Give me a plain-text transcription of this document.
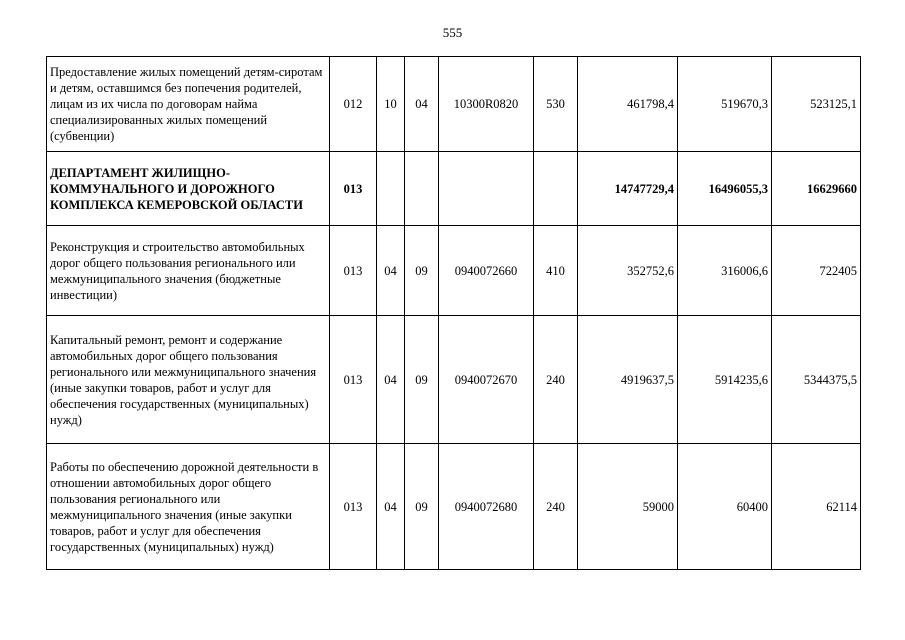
555
Предоставление жилых помещений детям-сиротам и детям, оставшимся без попечения родителей, лицам из их числа по договорам найма специализированных жилых помещений (субвенции)	012	10	04	10300R0820	530	461798,4	519670,3	523125,1
ДЕПАРТАМЕНТ ЖИЛИЩНО-КОММУНАЛЬНОГО И ДОРОЖНОГО КОМПЛЕКСА КЕМЕРОВСКОЙ ОБЛАСТИ	013					14747729,4	16496055,3	16629660
Реконструкция и строительство автомобильных дорог общего пользования регионального или межмуниципального значения (бюджетные инвестиции)	013	04	09	0940072660	410	352752,6	316006,6	722405
Капитальный ремонт, ремонт и содержание автомобильных дорог общего пользования регионального или межмуниципального значения (иные закупки товаров, работ и услуг для обеспечения государственных (муниципальных) нужд)	013	04	09	0940072670	240	4919637,5	5914235,6	5344375,5
Работы по обеспечению дорожной деятельности в отношении автомобильных дорог общего пользования регионального или межмуниципального значения (иные закупки товаров, работ и услуг для обеспечения государственных (муниципальных) нужд)	013	04	09	0940072680	240	59000	60400	62114
